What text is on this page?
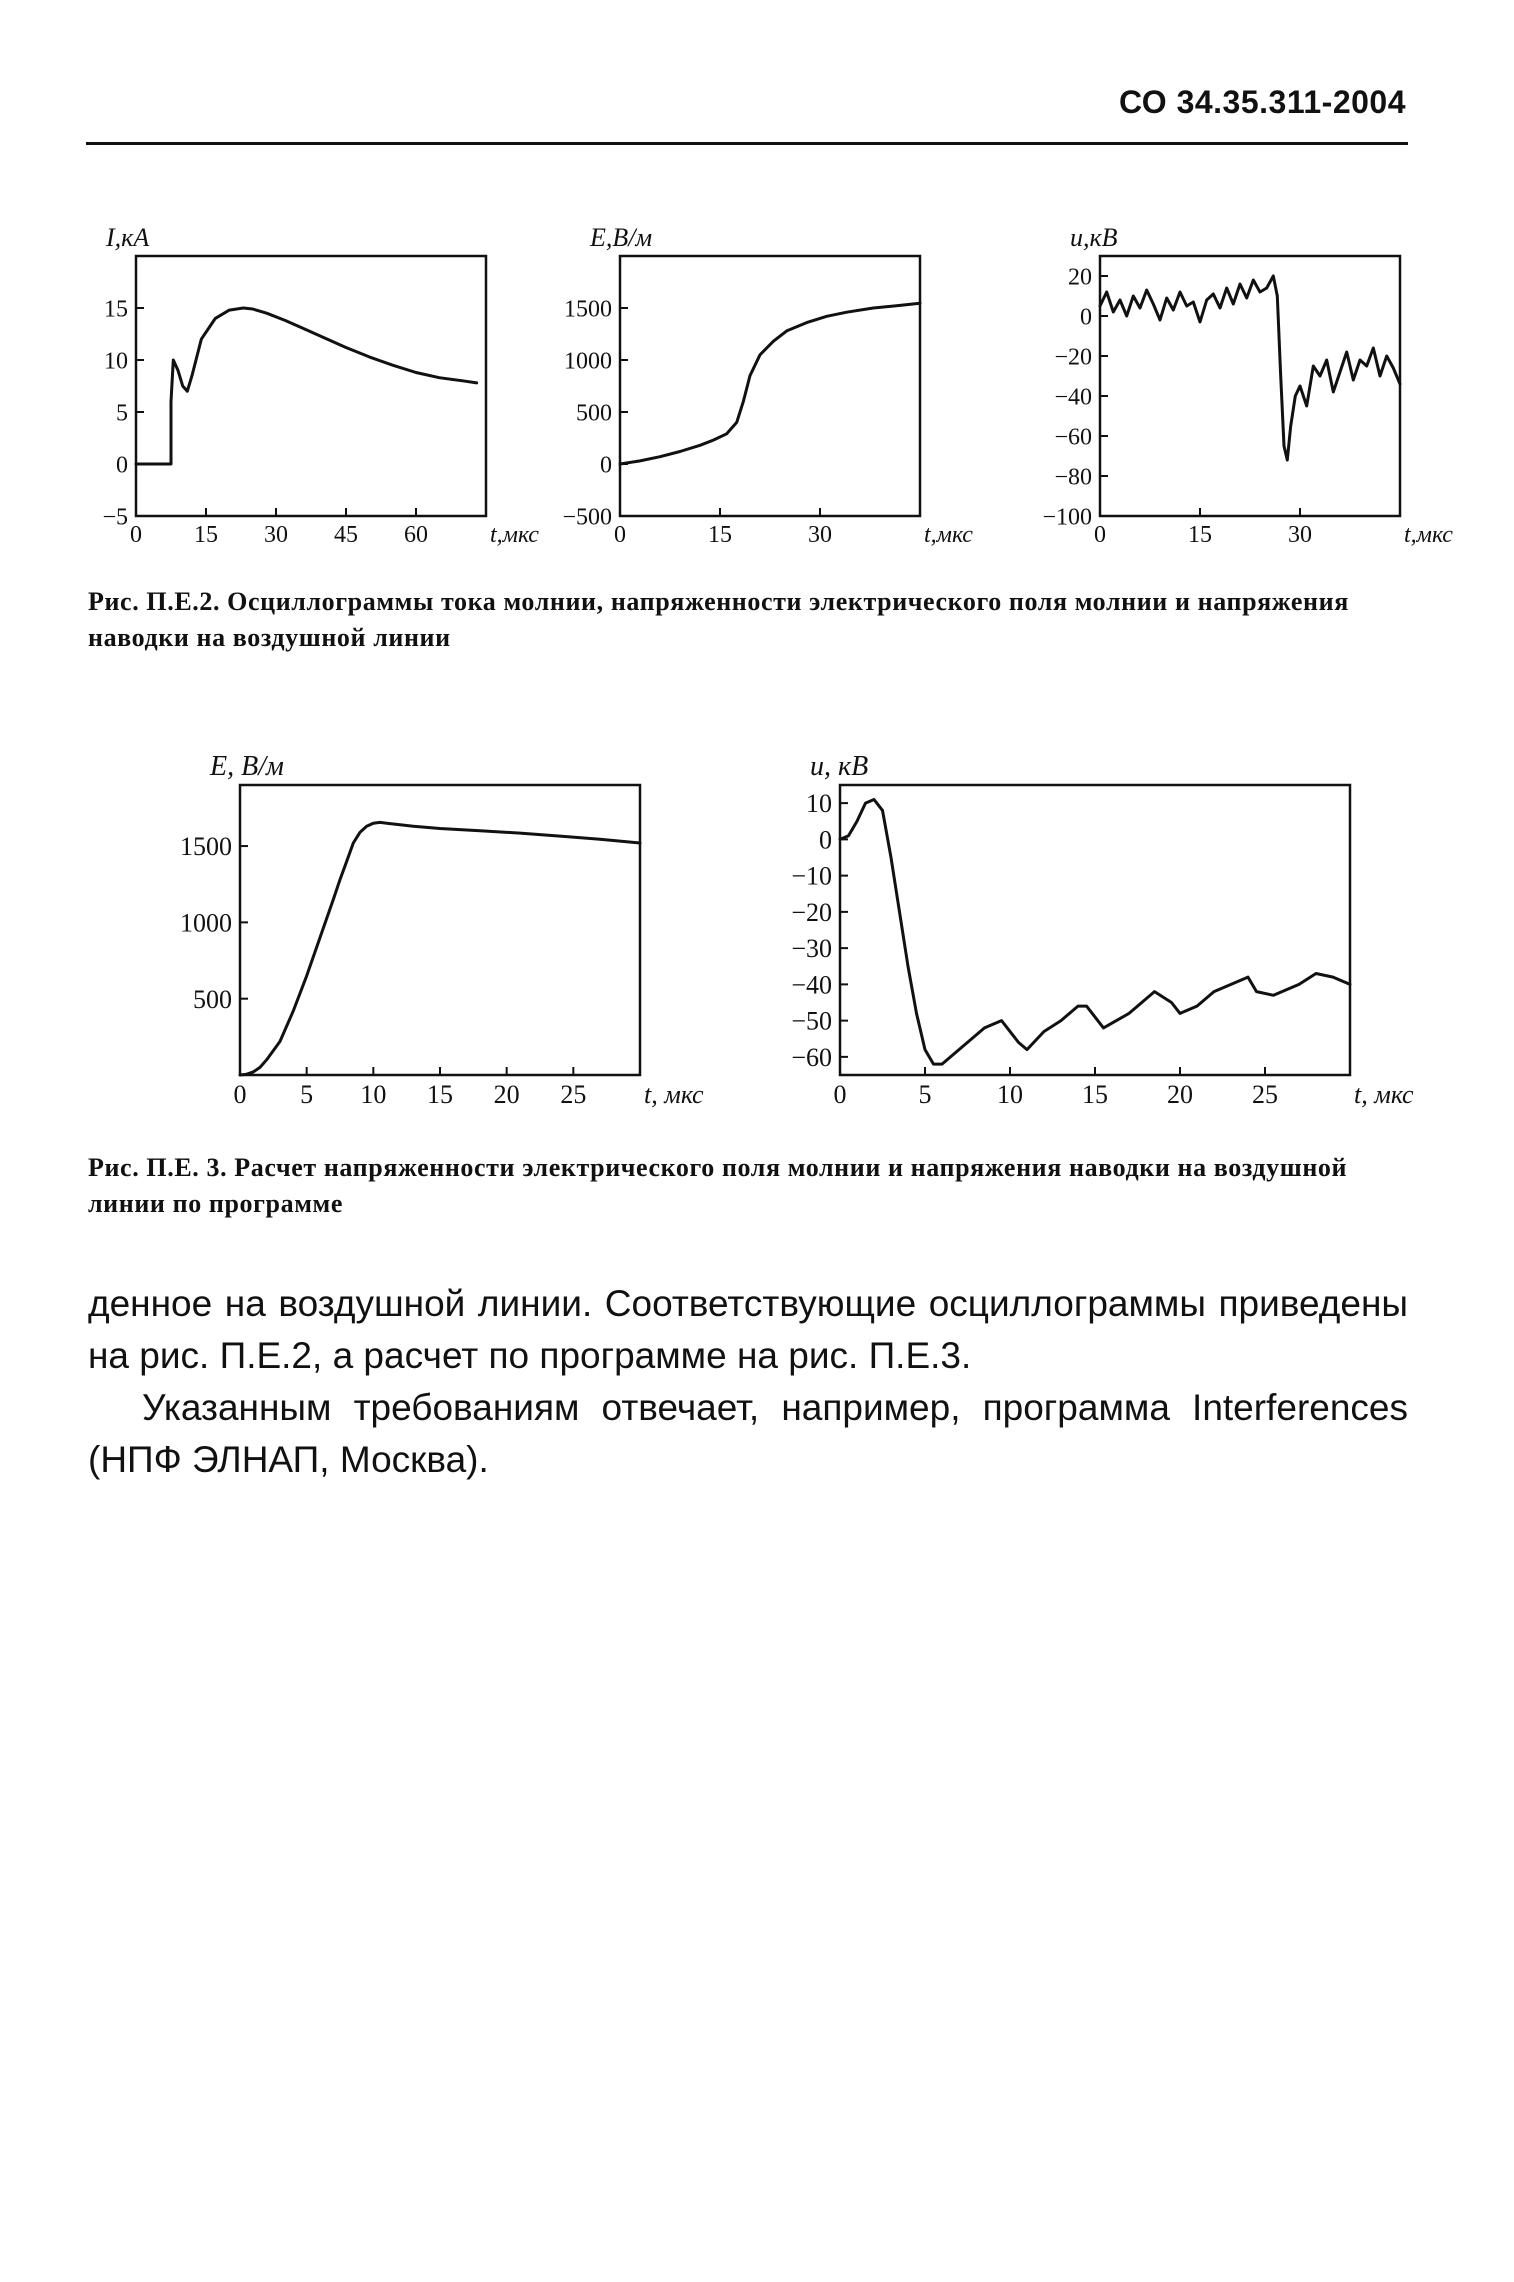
СО 34.35.311-2004
0 15 30 45 60
−5
0
5
10
15
I,кА
t,мкс	0	15	30
−500
0
500
1000
1500
E,В/м
t,мкс	0	15	30
−100
−80
−60
−40
−20
0
20
u,кВ
t,мкс
Рис. П.Е.2. Осциллограммы тока молнии, напряженности электрического поля молнии и напряжения наводки на воздушной линии
0 5 10 15 20 25
500
1000
1500
E, В/м
t, мкс	0	5	10 15 20 25
−60
−50
−40
−30
−20
−10
0
10
u, кВ
t, мкс
Рис. П.Е. 3. Расчет напряженности электрического поля молнии и напряжения наводки на воздушной линии по программе

денное на воздушной линии. Соответствующие осциллограммы приведены на рис. П.Е.2, а расчет по программе на рис. П.Е.3.

Указанным требованиям отвечает, например, программа Interferences (НПФ ЭЛНАП, Москва).
